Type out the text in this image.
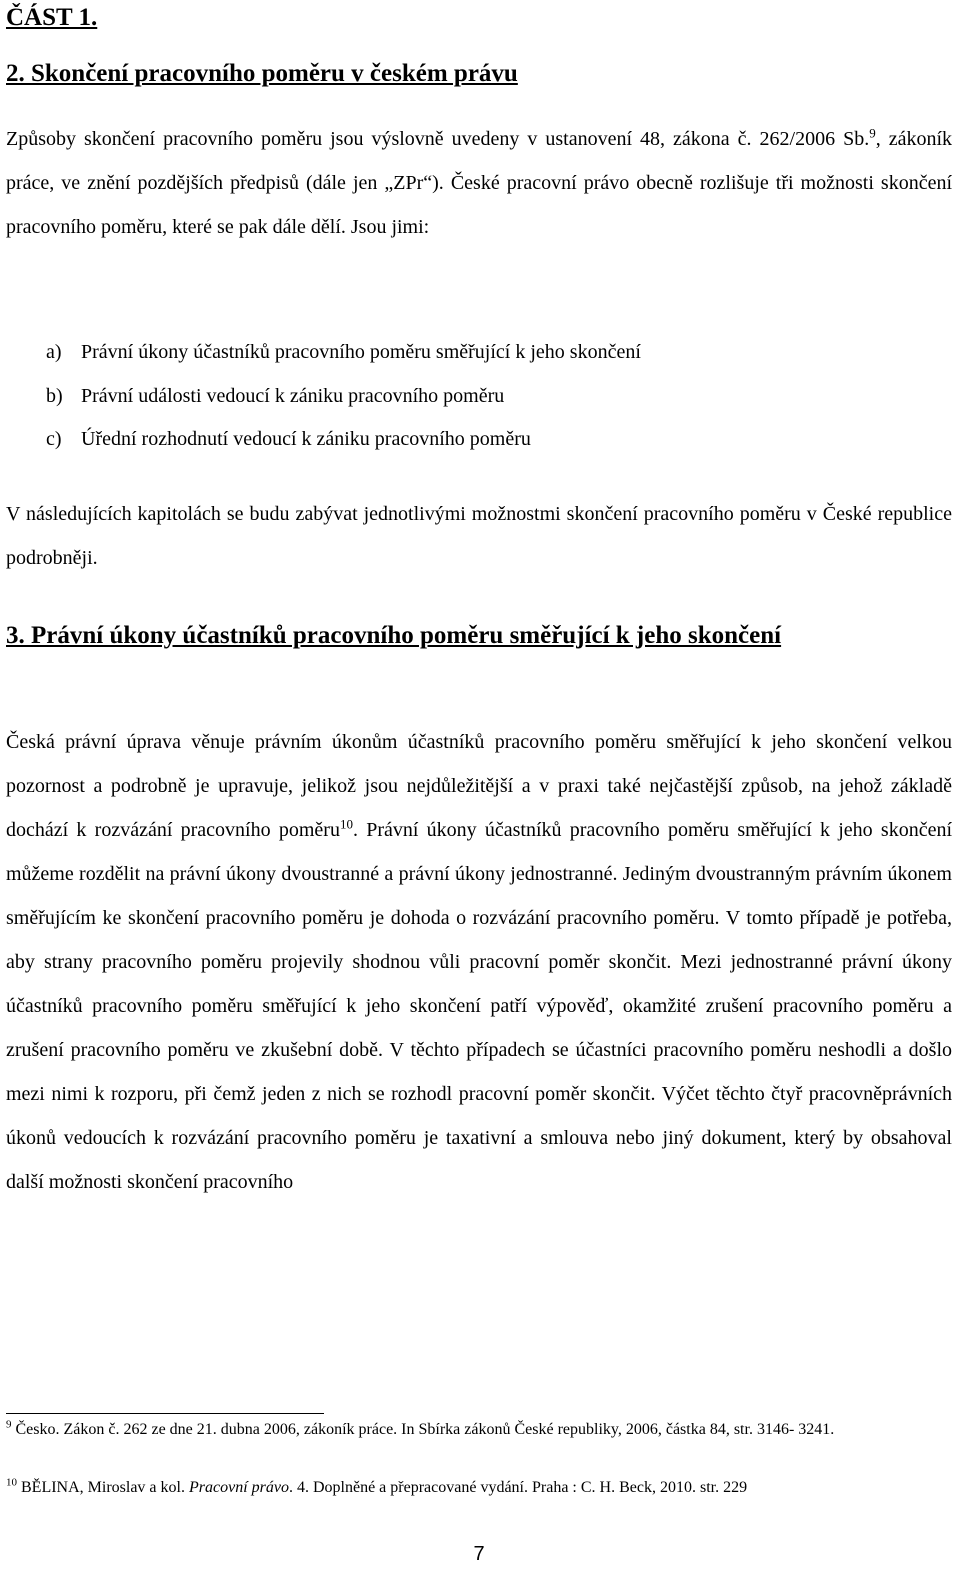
ČÁST 1.
2. Skončení pracovního poměru v českém právu
Způsoby skončení pracovního poměru jsou výslovně uvedeny v ustanovení 48, zákona č. 262/2006 Sb.$^9$, zákoník práce, ve znění pozdějších předpisů (dále jen „ZPr“). České pracovní právo obecně rozlišuje tři možnosti skončení pracovního poměru, které se pak dále dělí. Jsou jimi:
a) Právní úkony účastníků pracovního poměru směřující k jeho skončení
b) Právní události vedoucí k zániku pracovního poměru
c) Úřední rozhodnutí vedoucí k zániku pracovního poměru
V následujících kapitolách se budu zabývat jednotlivými možnostmi skončení pracovního poměru v České republice podrobněji.
3. Právní úkony účastníků pracovního poměru směřující k jeho skončení
Česká právní úprava věnuje právním úkonům účastníků pracovního poměru směřující k jeho skončení velkou pozornost a podrobně je upravuje, jelikož jsou nejdůležitější a v praxi také nejčastější způsob, na jehož základě dochází k rozvázání pracovního poměru$^{10}$. Právní úkony účastníků pracovního poměru směřující k jeho skončení můžeme rozdělit na právní úkony dvoustranné a právní úkony jednostranné. Jediným dvoustranným právním úkonem směřujícím ke skončení pracovního poměru je dohoda o rozvázání pracovního poměru. V tomto případě je potřeba, aby strany pracovního poměru projevily shodnou vůli pracovní poměr skončit. Mezi jednostranné právní úkony účastníků pracovního poměru směřující k jeho skončení patří výpověď, okamžité zrušení pracovního poměru a zrušení pracovního poměru ve zkušební době. V těchto případech se účastníci pracovního poměru neshodli a došlo mezi nimi k rozporu, při čemž jeden z nich se rozhodl pracovní poměr skončit. Výčet těchto čtyř pracovněprávních úkonů vedoucích k rozvázání pracovního poměru je taxativní a smlouva nebo jiný dokument, který by obsahoval další možnosti skončení pracovního
$^9$ Česko. Zákon č. 262 ze dne 21. dubna 2006, zákoník práce. In Sbírka zákonů České republiky, 2006, částka 84, str. 3146- 3241.
$^{10}$ BĚLINA, Miroslav a kol. Pracovní právo. 4. Doplněné a přepracované vydání. Praha : C. H. Beck, 2010. str. 229
7
